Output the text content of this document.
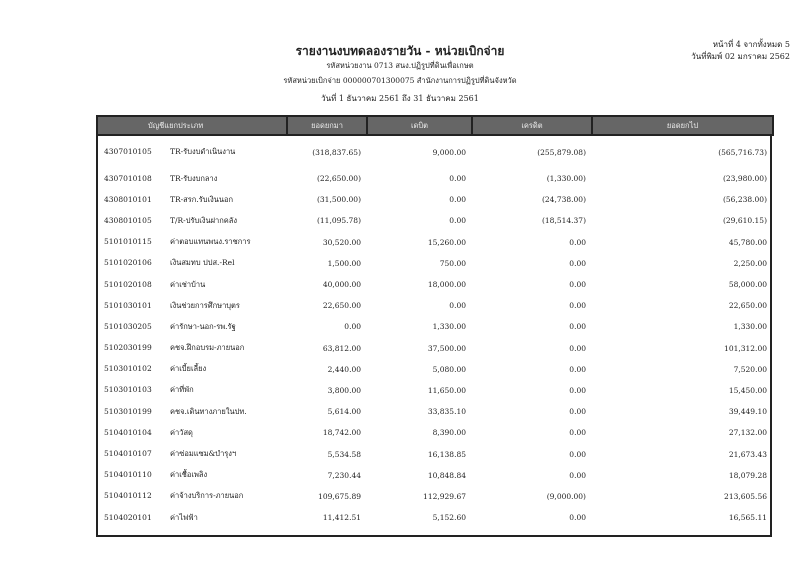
หน้าที่ 4 จากทั้งหมด 5
วันที่พิมพ์ 02 มกราคม 2562
รายงานงบทดลองรายวัน - หน่วยเบิกจ่าย
รหัสหน่วยงาน 0713 สนง.ปฏิรูปที่ดินเพื่อเกษต
รหัสหน่วยเบิกจ่าย 000000701300075 สำนักงานการปฏิรูปที่ดินจังหวัด
วันที่ 1 ธันวาคม 2561 ถึง 31 ธันวาคม 2561
บัญชีแยกประเภท	ยอดยกมา	เดบิต	เครดิต	ยอดยกไป
4307010105 TR-รับงบดำเนินงาน	(318,837.65)	9,000.00	(255,879.08)	(565,716.73)
4307010108 TR-รับงบกลาง	(22,650.00)	0.00	(1,330.00)	(23,980.00)
4308010101 TR-สรก.รับเงินนอก	(31,500.00)	0.00	(24,738.00)	(56,238.00)
4308010105 T/R-ปรับเงินฝากคลัง	(11,095.78)	0.00	(18,514.37)	(29,610.15)
5101010115 ค่าตอบแทนพนง.ราชการ	30,520.00	15,260.00	0.00	45,780.00
5101020106 เงินสมทบ ปปส.-Rel	1,500.00	750.00	0.00	2,250.00
5101020108 ค่าเช่าบ้าน	40,000.00	18,000.00	0.00	58,000.00
5101030101 เงินช่วยการศึกษาบุตร	22,650.00	0.00	0.00	22,650.00
5101030205 ค่ารักษา-นอก-รพ.รัฐ	0.00	1,330.00	0.00	1,330.00
5102030199 คชจ.ฝึกอบรม-ภายนอก	63,812.00	37,500.00	0.00	101,312.00
5103010102 ค่าเบี้ยเลี้ยง	2,440.00	5,080.00	0.00	7,520.00
5103010103 ค่าที่พัก	3,800.00	11,650.00	0.00	15,450.00
5103010199 คชจ.เดินทางภายในปท.	5,614.00	33,835.10	0.00	39,449.10
5104010104 ค่าวัสดุ	18,742.00	8,390.00	0.00	27,132.00
5104010107 ค่าซ่อมแซม&บำรุงฯ	5,534.58	16,138.85	0.00	21,673.43
5104010110 ค่าเชื้อเพลิง	7,230.44	10,848.84	0.00	18,079.28
5104010112 ค่าจ้างบริการ-ภายนอก	109,675.89	112,929.67	(9,000.00)	213,605.56
5104020101 ค่าไฟฟ้า	11,412.51	5,152.60	0.00	16,565.11
